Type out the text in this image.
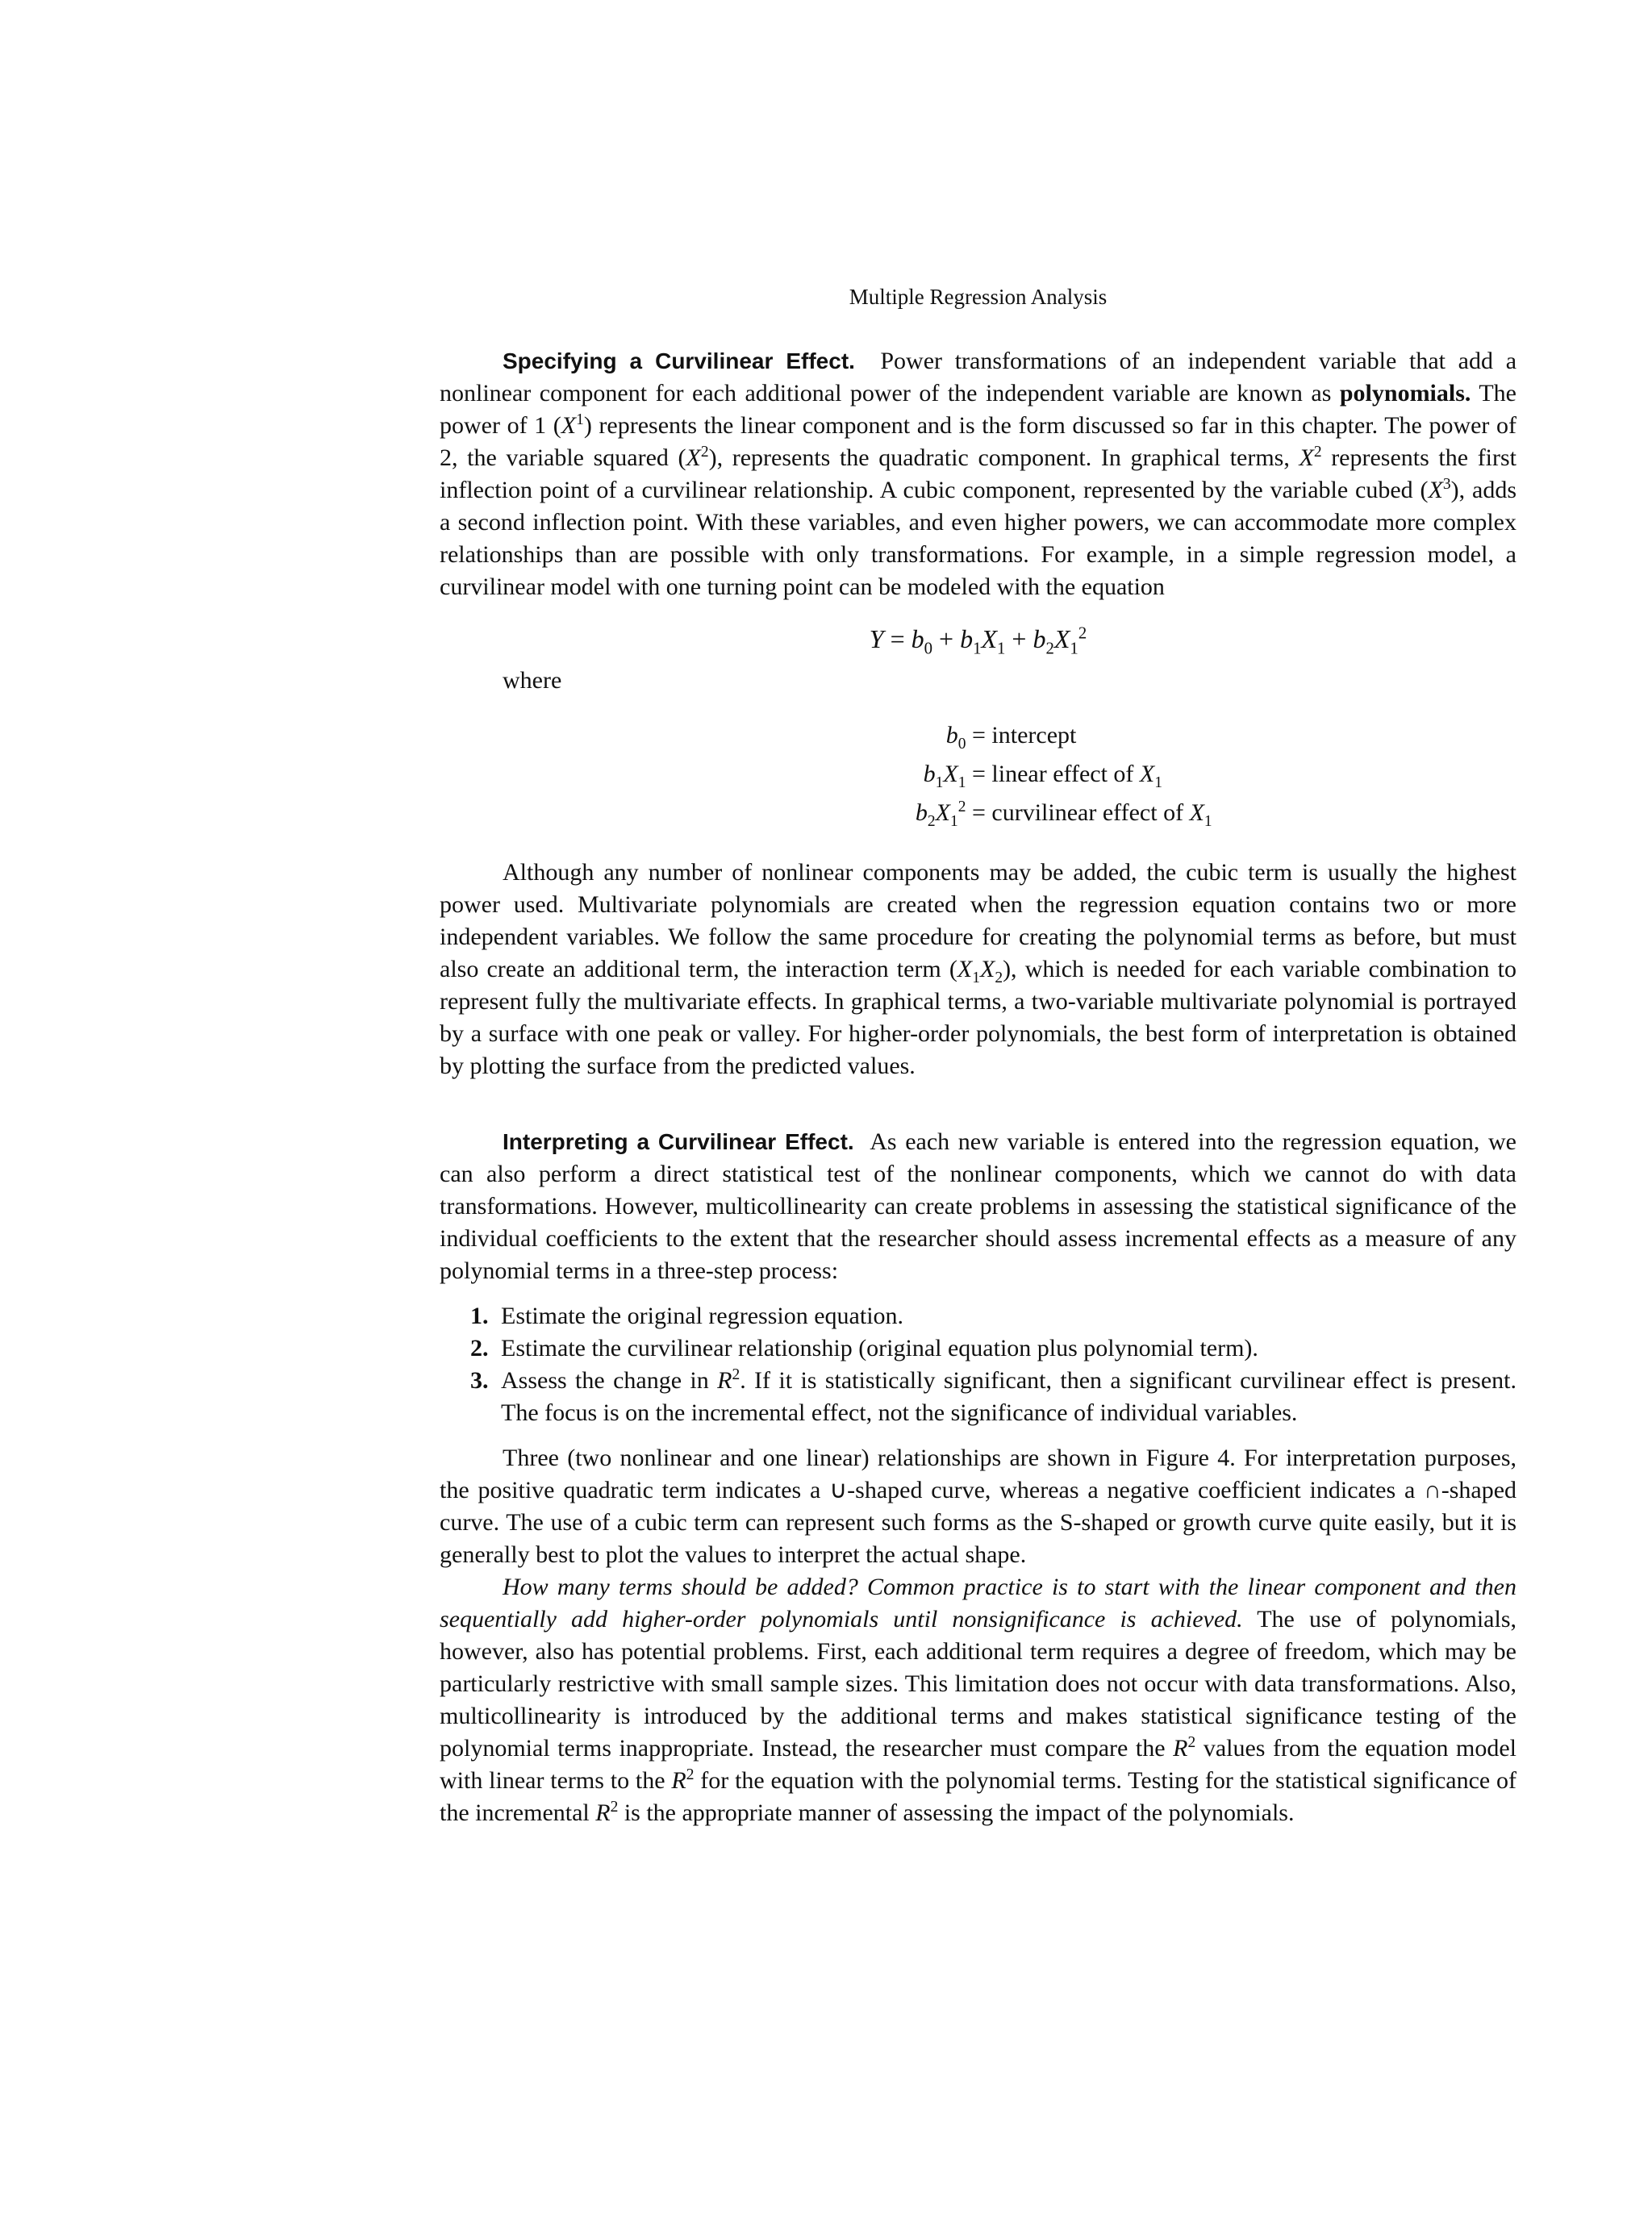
Multiple Regression Analysis

Specifying a Curvilinear Effect. Power transformations of an independent variable that add a nonlinear component for each additional power of the independent variable are known as polynomials. The power of 1 $(X^1)$ represents the linear component and is the form discussed so far in this chapter. The power of 2, the variable squared $(X^2)$, represents the quadratic component. In graphical terms, $X^2$ represents the first inflection point of a curvilinear relationship. A cubic component, represented by the variable cubed $(X^3)$, adds a second inflection point. With these variables, and even higher powers, we can accommodate more complex relationships than are possible with only transformations. For example, in a simple regression model, a curvilinear model with one turning point can be modeled with the equation

$Y = b_0 + b_1X_1 + b_2X_1^2$
where
$b_0$ = intercept
$b_1X_1$ = linear effect of $X_1$
$b_2X_1^2$ = curvilinear effect of $X_1$

Although any number of nonlinear components may be added, the cubic term is usually the highest power used. Multivariate polynomials are created when the regression equation contains two or more independent variables. We follow the same procedure for creating the polynomial terms as before, but must also create an additional term, the interaction term $(X_1X_2)$, which is needed for each variable combination to represent fully the multivariate effects. In graphical terms, a two-variable multivariate polynomial is portrayed by a surface with one peak or valley. For higher-order polynomials, the best form of interpretation is obtained by plotting the surface from the predicted values.

Interpreting a Curvilinear Effect. As each new variable is entered into the regression equation, we can also perform a direct statistical test of the nonlinear components, which we cannot do with data transformations. However, multicollinearity can create problems in assessing the statistical significance of the individual coefficients to the extent that the researcher should assess incremental effects as a measure of any polynomial terms in a three-step process:

1. Estimate the original regression equation.
2. Estimate the curvilinear relationship (original equation plus polynomial term).
3. Assess the change in $R^2$. If it is statistically significant, then a significant curvilinear effect is present. The focus is on the incremental effect, not the significance of individual variables.

Three (two nonlinear and one linear) relationships are shown in Figure 4. For interpretation purposes, the positive quadratic term indicates a ∪-shaped curve, whereas a negative coefficient indicates a ∩-shaped curve. The use of a cubic term can represent such forms as the S-shaped or growth curve quite easily, but it is generally best to plot the values to interpret the actual shape.

How many terms should be added? Common practice is to start with the linear component and then sequentially add higher-order polynomials until nonsignificance is achieved. The use of polynomials, however, also has potential problems. First, each additional term requires a degree of freedom, which may be particularly restrictive with small sample sizes. This limitation does not occur with data transformations. Also, multicollinearity is introduced by the additional terms and makes statistical significance testing of the polynomial terms inappropriate. Instead, the researcher must compare the $R^2$ values from the equation model with linear terms to the $R^2$ for the equation with the polynomial terms. Testing for the statistical significance of the incremental $R^2$ is the appropriate manner of assessing the impact of the polynomials.
